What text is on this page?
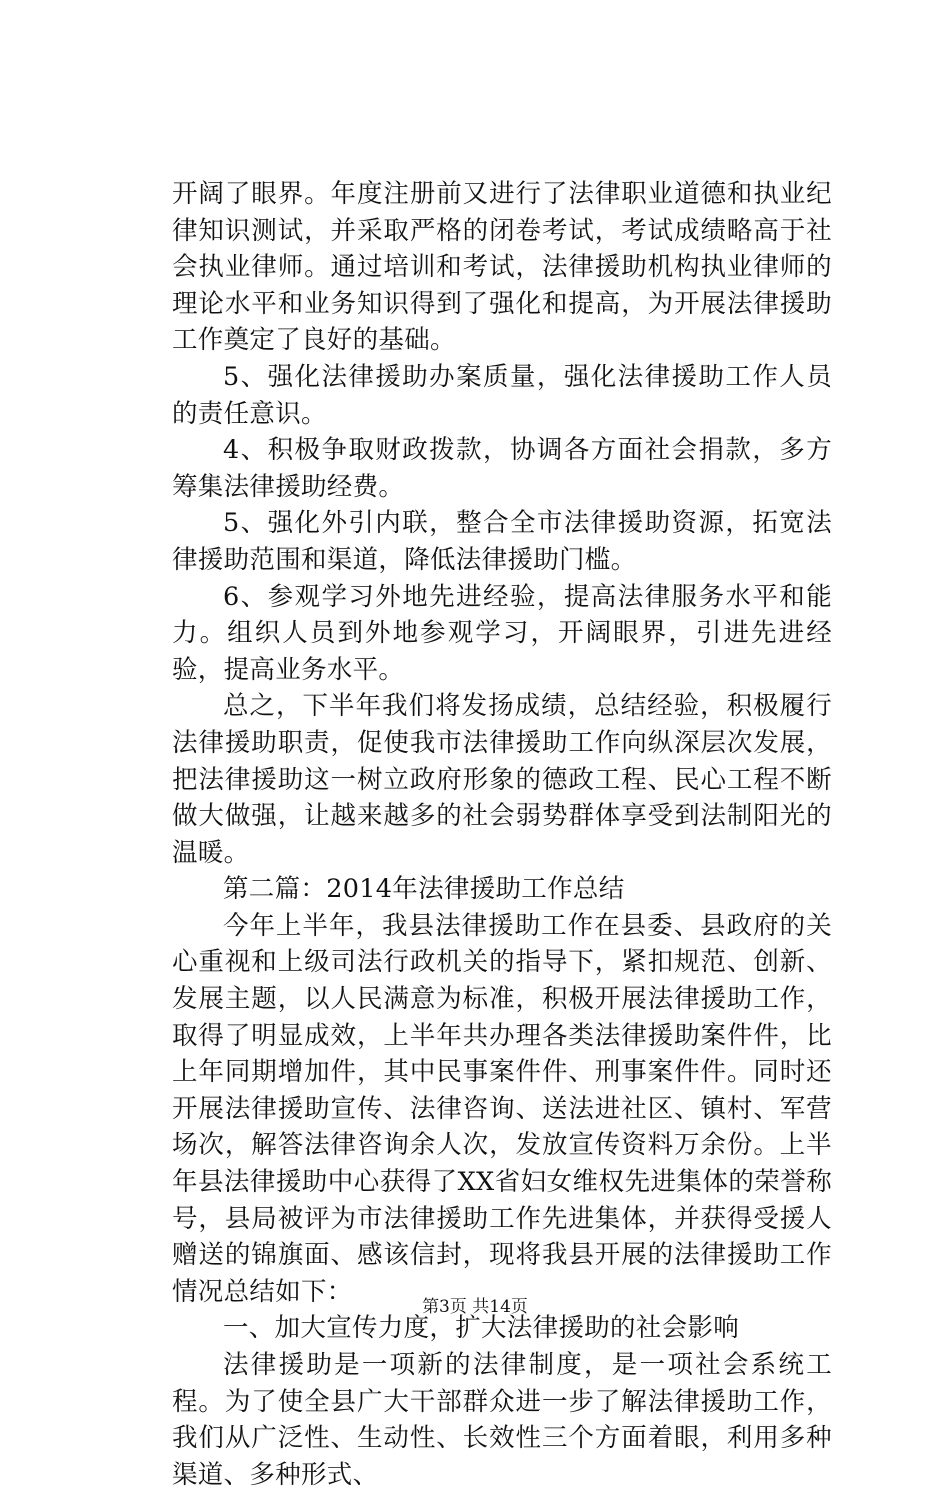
开阔了眼界。年度注册前又进行了法律职业道德和执业纪律知识测试，并采取严格的闭卷考试，考试成绩略高于社会执业律师。通过培训和考试，法律援助机构执业律师的理论水平和业务知识得到了强化和提高，为开展法律援助工作奠定了良好的基础。

5、强化法律援助办案质量，强化法律援助工作人员的责任意识。

4、积极争取财政拨款，协调各方面社会捐款，多方筹集法律援助经费。

5、强化外引内联，整合全市法律援助资源，拓宽法律援助范围和渠道，降低法律援助门槛。

6、参观学习外地先进经验，提高法律服务水平和能力。组织人员到外地参观学习，开阔眼界，引进先进经验，提高业务水平。

总之，下半年我们将发扬成绩，总结经验，积极履行法律援助职责，促使我市法律援助工作向纵深层次发展，把法律援助这一树立政府形象的德政工程、民心工程不断做大做强，让越来越多的社会弱势群体享受到法制阳光的温暖。

第二篇：2014年法律援助工作总结

今年上半年，我县法律援助工作在县委、县政府的关心重视和上级司法行政机关的指导下，紧扣规范、创新、发展主题，以人民满意为标准，积极开展法律援助工作，取得了明显成效，上半年共办理各类法律援助案件件，比上年同期增加件，其中民事案件件、刑事案件件。同时还开展法律援助宣传、法律咨询、送法进社区、镇村、军营场次，解答法律咨询余人次，发放宣传资料万余份。上半年县法律援助中心获得了XX省妇女维权先进集体的荣誉称号，县局被评为市法律援助工作先进集体，并获得受援人赠送的锦旗面、感该信封，现将我县开展的法律援助工作情况总结如下：

一、加大宣传力度，扩大法律援助的社会影响

法律援助是一项新的法律制度，是一项社会系统工程。为了使全县广大干部群众进一步了解法律援助工作，我们从广泛性、生动性、长效性三个方面着眼，利用多种渠道、多种形式、

第3页 共14页
